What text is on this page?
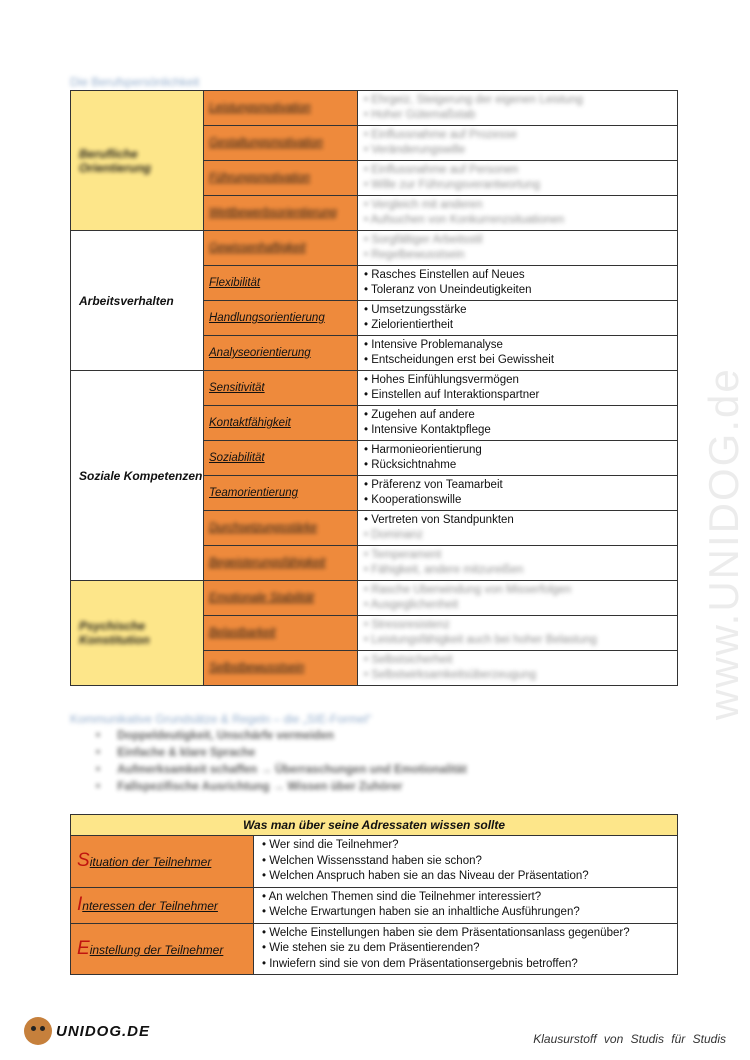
www.UNIDOG.de
Die Berufspersönlichkeit
Berufliche Orientierung	Leistungsmotivation	• Ehrgeiz, Steigerung der eigenen Leistung
• Hoher Gütemaßstab

	Gestaltungsmotivation	• Einflussnahme auf Prozesse
• Veränderungswille

	Führungsmotivation	• Einflussnahme auf Personen
• Wille zur Führungsverantwortung

	Wettbewerbsorientierung	• Vergleich mit anderen
• Aufsuchen von Konkurrenzsituationen

Arbeitsverhalten	Gewissenhaftigkeit	• Sorgfältiger Arbeitsstil
• Regelbewusstsein

	Flexibilität	• Rasches Einstellen auf Neues
• Toleranz von Uneindeutigkeiten

	Handlungsorientierung	• Umsetzungsstärke
• Zielorientiertheit

	Analyseorientierung	• Intensive Problemanalyse
• Entscheidungen erst bei Gewissheit

Soziale Kompetenzen	Sensitivität	• Hohes Einfühlungsvermögen
• Einstellen auf Interaktionspartner

	Kontaktfähigkeit	• Zugehen auf andere
• Intensive Kontaktpflege

	Soziabilität	• Harmonieorientierung
• Rücksichtnahme

	Teamorientierung	• Präferenz von Teamarbeit
• Kooperationswille

	Durchsetzungsstärke	• Vertreten von Standpunkten
• Dominanz

	Begeisterungsfähigkeit	• Temperament
• Fähigkeit, andere mitzureißen

Psychische Konstitution	Emotionale Stabilität	• Rasche Überwindung von Misserfolgen
• Ausgeglichenheit

	Belastbarkeit	• Stressresistenz
• Leistungsfähigkeit auch bei hoher Belastung

	Selbstbewusstsein	• Selbstsicherheit
• Selbstwirksamkeitsüberzeugung
Kommunikative Grundsätze & Regeln – die „SIE-Formel“
• Doppeldeutigkeit, Unschärfe vermeiden
• Einfache & klare Sprache
• Aufmerksamkeit schaffen → Überraschungen und Emotionalität
• Fallspezifische Ausrichtung → Wissen über Zuhörer
Was man über seine Adressaten wissen sollte	
Situation der Teilnehmer	• Wer sind die Teilnehmer?
• Welchen Wissensstand haben sie schon?
• Welchen Anspruch haben sie an das Niveau der Präsentation?

Interessen der Teilnehmer	• An welchen Themen sind die Teilnehmer interessiert?
• Welche Erwartungen haben sie an inhaltliche Ausführungen?

Einstellung der Teilnehmer	• Welche Einstellungen haben sie dem Präsentationsanlass gegenüber?
• Wie stehen sie zu dem Präsentierenden?
• Inwiefern sind sie von dem Präsentationsergebnis betroffen?
UNIDOG.DE	Klausurstoff von Studis für Studis
